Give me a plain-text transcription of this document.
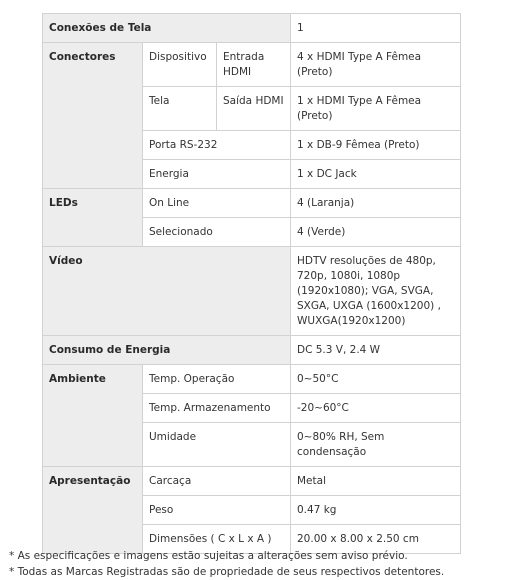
Conexões de Tela			1
Conectores	Dispositivo	Entrada HDMI	4 x HDMI Type A Fêmea (Preto)
	Tela	Saída HDMI	1 x HDMI Type A Fêmea (Preto)
	Porta RS-232		1 x DB-9 Fêmea (Preto)
	Energia		1 x DC Jack
LEDs	On Line		4 (Laranja)
	Selecionado		4 (Verde)
Vídeo			HDTV resoluções de 480p, 720p, 1080i, 1080p (1920x1080); VGA, SVGA, SXGA, UXGA (1600x1200) , WUXGA(1920x1200)
Consumo de Energia			DC 5.3 V, 2.4 W
Ambiente	Temp. Operação		0~50°C
	Temp. Armazenamento		-20~60°C
	Umidade		0~80% RH, Sem condensação
Apresentação	Carcaça		Metal
	Peso		0.47 kg
	Dimensões ( C x L x A )		20.00 x 8.00 x 2.50 cm
* As especificações e imagens estão sujeitas a alterações sem aviso prévio.
* Todas as Marcas Registradas são de propriedade de seus respectivos detentores.
